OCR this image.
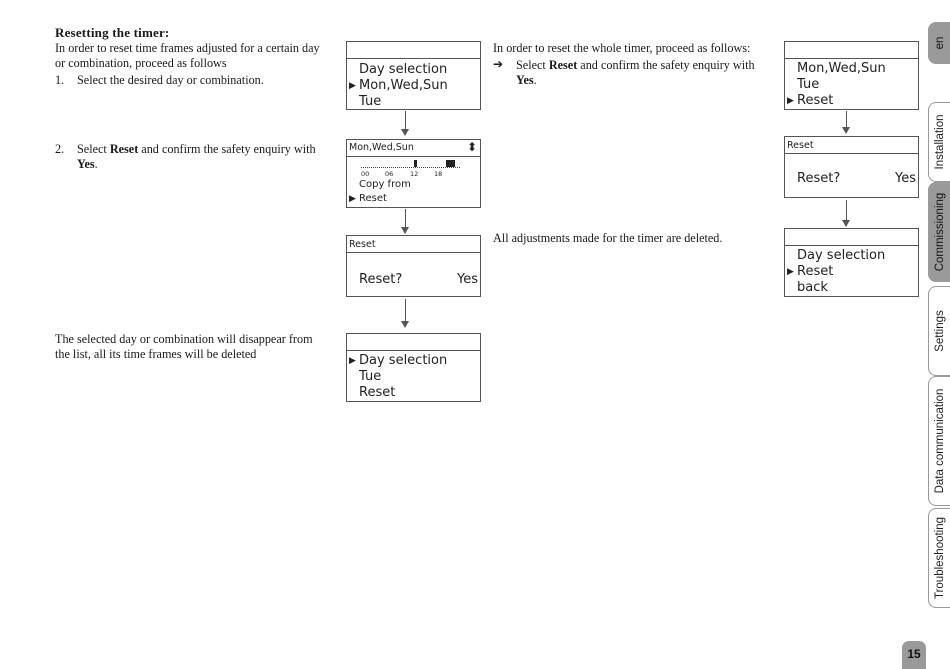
Resetting the timer:
In order to reset time frames adjusted for a certain day
or combination, proceed as follows
1. Select the desired day or combination.
2. Select Reset and confirm the safety enquiry with
Yes.
The selected day or combination will disappear from
the list, all its time frames will be deleted
Day selection
▶ Mon,Wed,Sun
Tue
Mon,Wed,Sun	⬍
00 06	12 18
Copy from
▶ Reset
Reset
Reset?	Yes
▶ Day selection
Tue
Reset
In order to reset the whole timer, proceed as follows:
➔ Select Reset and confirm the safety enquiry with
Yes.
All adjustments made for the timer are deleted.
Mon,Wed,Sun
Tue
▶ Reset
Reset
Reset?	Yes
Day selection
▶ Reset
back
en
Installation
Commissioning
Settings
Data communication
Troubleshooting
15
